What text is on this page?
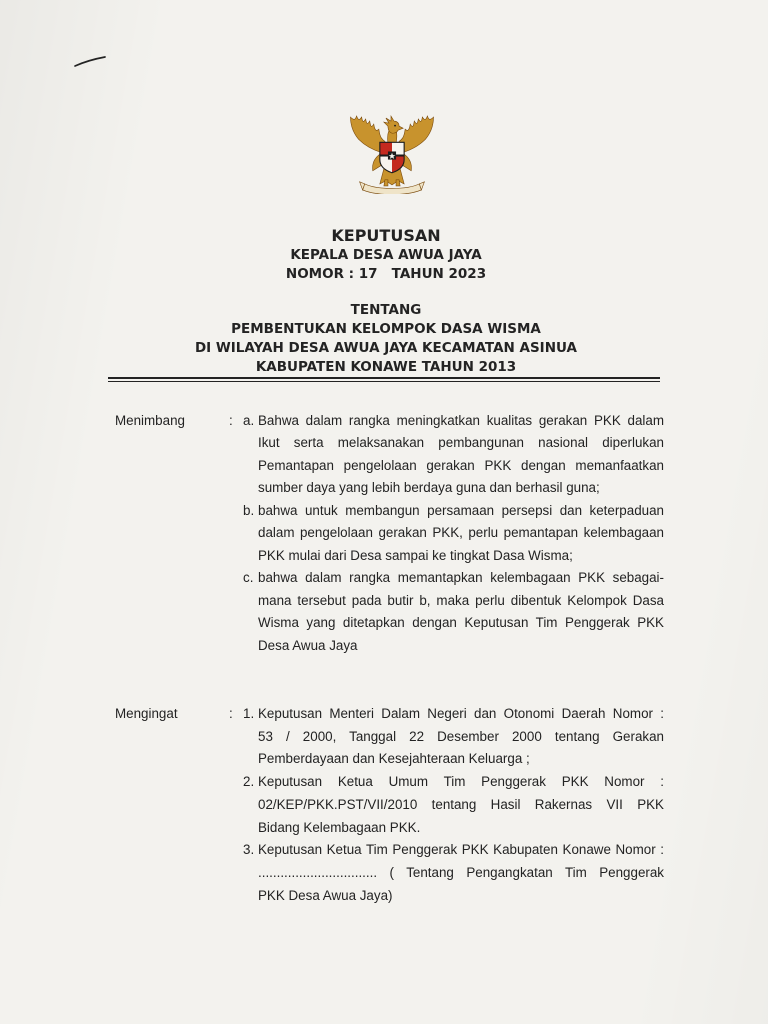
KEPUTUSAN
KEPALA DESA AWUA JAYA
NOMOR : 17   TAHUN 2023
TENTANG
PEMBENTUKAN KELOMPOK DASA WISMA
DI WILAYAH DESA AWUA JAYA KECAMATAN ASINUA
KABUPATEN KONAWE TAHUN 2013
Menimbang	: a. Bahwa dalam rangka meningkatkan kualitas gerakan PKK dalam
Ikut serta melaksanakan pembangunan nasional diperlukan
Pemantapan pengelolaan gerakan PKK dengan memanfaatkan
sumber daya yang lebih berdaya guna dan berhasil guna;
b. bahwa untuk membangun persamaan persepsi dan keterpaduan
dalam pengelolaan gerakan PKK, perlu pemantapan kelembagaan
PKK mulai dari Desa sampai ke tingkat Dasa Wisma;
c. bahwa dalam rangka memantapkan kelembagaan PKK sebagai-
mana tersebut pada butir b, maka perlu dibentuk Kelompok Dasa
Wisma yang ditetapkan dengan Keputusan Tim Penggerak PKK
Desa Awua Jaya
Mengingat	: 1. Keputusan Menteri Dalam Negeri dan Otonomi Daerah Nomor :
53 / 2000, Tanggal 22 Desember 2000 tentang Gerakan
Pemberdayaan dan Kesejahteraan Keluarga ;
2. Keputusan Ketua Umum Tim Penggerak PKK Nomor :
02/KEP/PKK.PST/VII/2010 tentang Hasil Rakernas VII PKK
Bidang Kelembagaan PKK.
3. Keputusan Ketua Tim Penggerak PKK Kabupaten Konawe Nomor :
................................ ( Tentang Pengangkatan Tim Penggerak
PKK Desa Awua Jaya)
